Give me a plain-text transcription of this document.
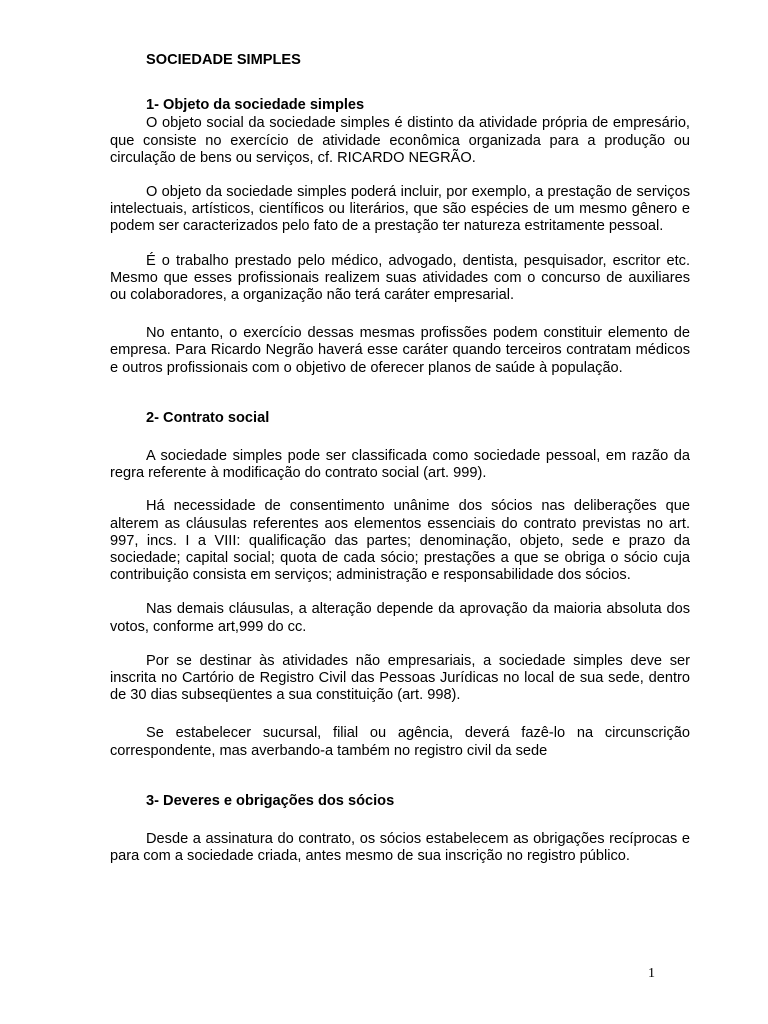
SOCIEDADE SIMPLES
1- Objeto da sociedade simples

O objeto social da sociedade simples é distinto da atividade própria de empresário, que consiste no exercício de atividade econômica organizada para a produção ou circulação de bens ou serviços, cf. RICARDO NEGRÃO.

O objeto da sociedade simples poderá incluir, por exemplo, a prestação de serviços intelectuais, artísticos, científicos ou literários, que são espécies de um mesmo gênero e podem ser caracterizados pelo fato de a prestação ter natureza estritamente pessoal.

É o trabalho prestado pelo médico, advogado, dentista, pesquisador, escritor etc. Mesmo que esses profissionais realizem suas atividades com o concurso de auxiliares ou colaboradores, a organização não terá caráter empresarial.

No entanto, o exercício dessas mesmas profissões podem constituir elemento de empresa. Para Ricardo Negrão haverá esse caráter quando terceiros contratam médicos e outros profissionais com o objetivo de oferecer planos de saúde à população.

2- Contrato social

A sociedade simples pode ser classificada como sociedade pessoal, em razão da regra referente à modificação do contrato social (art. 999).

Há necessidade de consentimento unânime dos sócios nas deliberações que alterem as cláusulas referentes aos elementos essenciais do contrato previstas no art. 997, incs. I a VIII: qualificação das partes; denominação, objeto, sede e prazo da sociedade; capital social; quota de cada sócio; prestações a que se obriga o sócio cuja contribuição consista em serviços; administração e responsabilidade dos sócios.

Nas demais cláusulas, a alteração depende da aprovação da maioria absoluta dos votos, conforme art,999 do cc.

Por se destinar às atividades não empresariais, a sociedade simples deve ser inscrita no Cartório de Registro Civil das Pessoas Jurídicas no local de sua sede, dentro de 30 dias subseqüentes a sua constituição (art. 998).

Se estabelecer sucursal, filial ou agência, deverá fazê-lo na circunscrição correspondente, mas averbando-a também no registro civil da sede

3- Deveres e obrigações dos sócios

Desde a assinatura do contrato, os sócios estabelecem as obrigações recíprocas e para com a sociedade criada, antes mesmo de sua inscrição no registro público.

1
